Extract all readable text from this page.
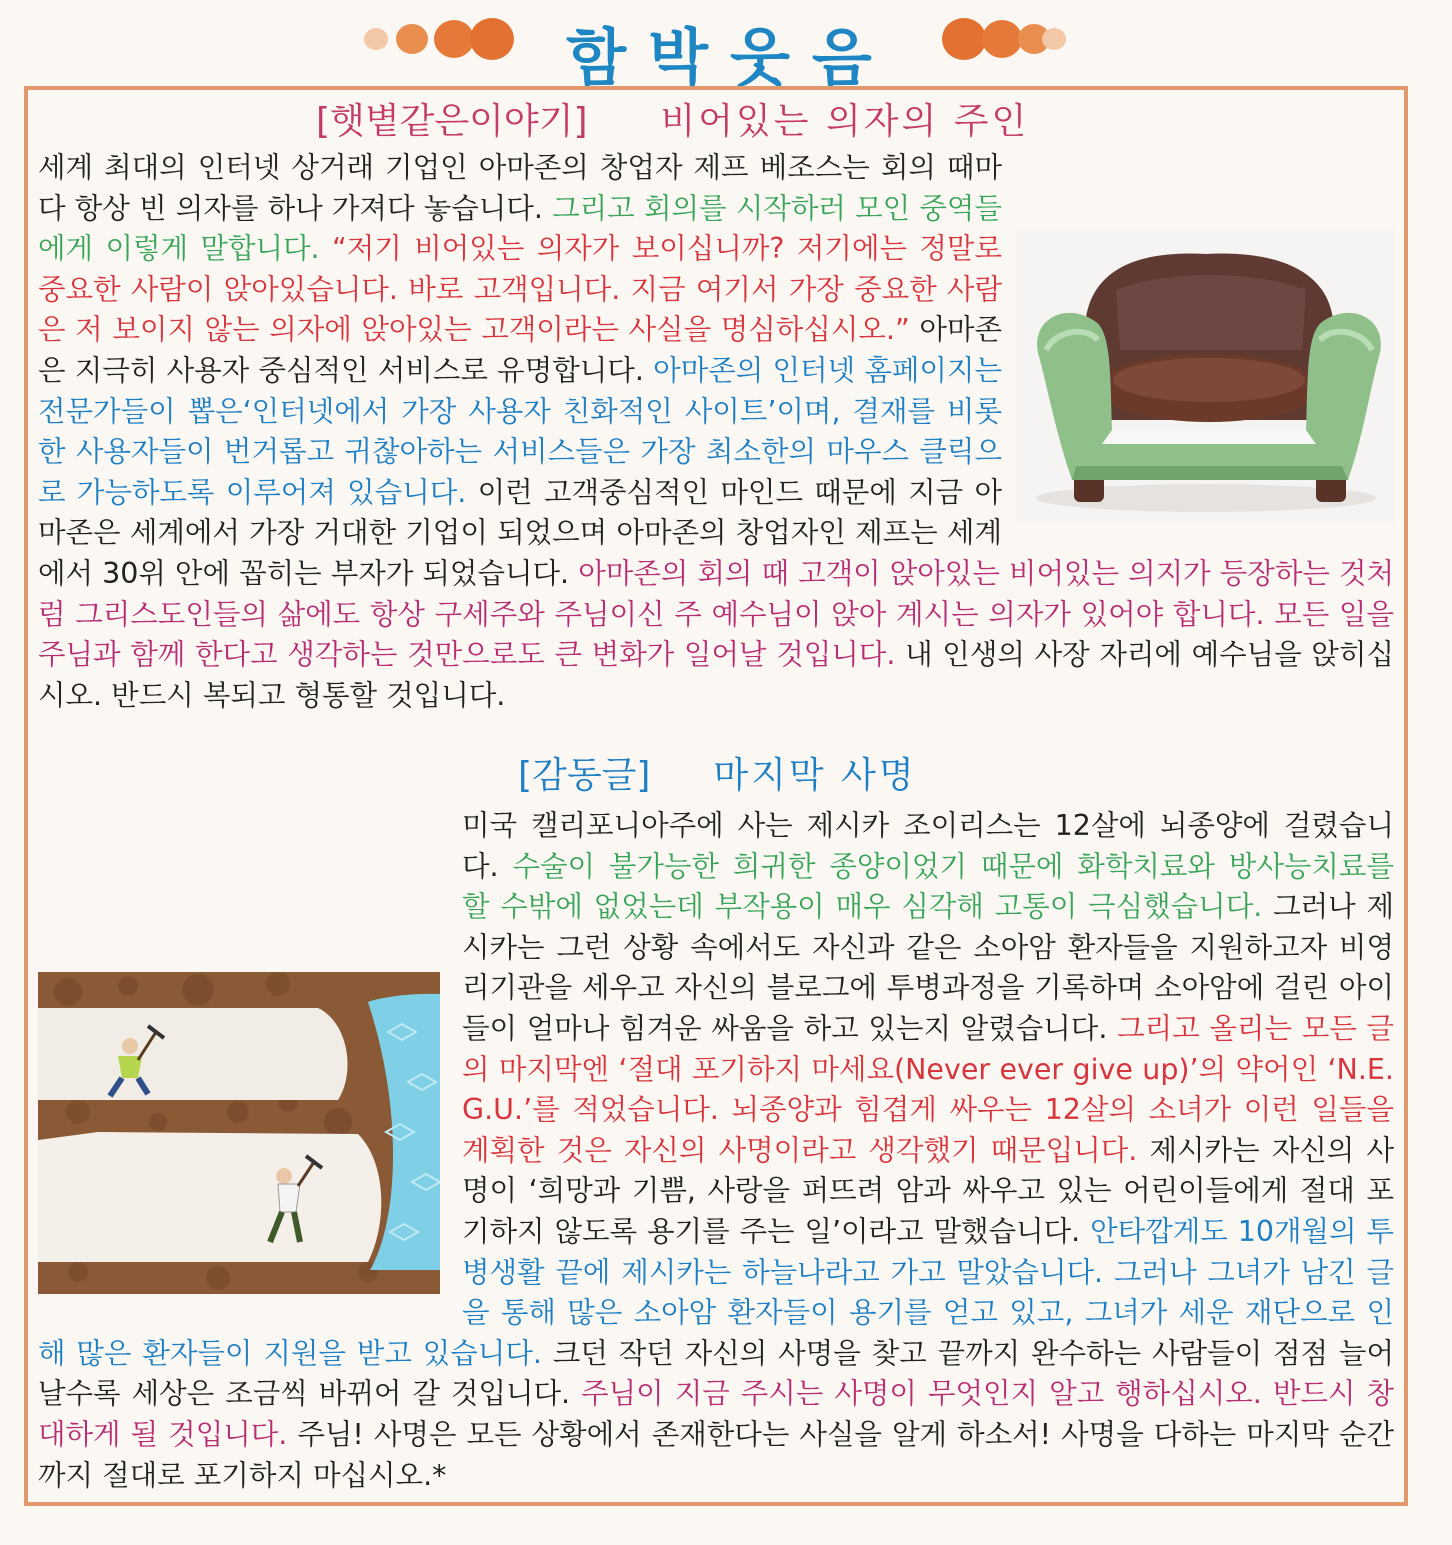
함박웃음
[햇볕같은이야기] 비어있는 의자의 주인
세계 최대의 인터넷 상거래 기업인 아마존의 창업자 제프 베조스는 회의 때마다 항상 빈 의자를 하나 가져다 놓습니다. 그리고 회의를 시작하러 모인 중역들에게 이렇게 말합니다. “저기 비어있는 의자가 보이십니까? 저기에는 정말로 중요한 사람이 앉아있습니다. 바로 고객입니다. 지금 여기서 가장 중요한 사람은 저 보이지 않는 의자에 앉아있는 고객이라는 사실을 명심하십시오.” 아마존은 지극히 사용자 중심적인 서비스로 유명합니다. 아마존의 인터넷 홈페이지는 전문가들이 뽑은‘인터넷에서 가장 사용자 친화적인 사이트’이며, 결재를 비롯한 사용자들이 번거롭고 귀찮아하는 서비스들은 가장 최소한의 마우스 클릭으로 가능하도록 이루어져 있습니다. 이런 고객중심적인 마인드 때문에 지금 아마존은 세계에서 가장 거대한 기업이 되었으며 아마존의 창업자인 제프는 세계에서 30위 안에 꼽히는 부자가 되었습니다. 아마존의 회의 때 고객이 앉아있는 비어있는 의지가 등장하는 것처럼 그리스도인들의 삶에도 항상 구세주와 주님이신 주 예수님이 앉아 계시는 의자가 있어야 합니다. 모든 일을 주님과 함께 한다고 생각하는 것만으로도 큰 변화가 일어날 것입니다. 내 인생의 사장 자리에 예수님을 앉히십시오. 반드시 복되고 형통할 것입니다.
[감동글] 마지막 사명
미국 캘리포니아주에 사는 제시카 조이리스는 12살에 뇌종양에 걸렸습니다. 수술이 불가능한 희귀한 종양이었기 때문에 화학치료와 방사능치료를 할 수밖에 없었는데 부작용이 매우 심각해 고통이 극심했습니다. 그러나 제시카는 그런 상황 속에서도 자신과 같은 소아암 환자들을 지원하고자 비영리기관을 세우고 자신의 블로그에 투병과정을 기록하며 소아암에 걸린 아이들이 얼마나 힘겨운 싸움을 하고 있는지 알렸습니다. 그리고 올리는 모든 글의 마지막엔 ‘절대 포기하지 마세요(Never ever give up)’의 약어인 ‘N.E.G.U.’를 적었습니다. 뇌종양과 힘겹게 싸우는 12살의 소녀가 이런 일들을 계획한 것은 자신의 사명이라고 생각했기 때문입니다. 제시카는 자신의 사명이 ‘희망과 기쁨, 사랑을 퍼뜨려 암과 싸우고 있는 어린이들에게 절대 포기하지 않도록 용기를 주는 일’이라고 말했습니다. 안타깝게도 10개월의 투병생활 끝에 제시카는 하늘나라고 가고 말았습니다. 그러나 그녀가 남긴 글을 통해 많은 소아암 환자들이 용기를 얻고 있고, 그녀가 세운 재단으로 인해 많은 환자들이 지원을 받고 있습니다. 크던 작던 자신의 사명을 찾고 끝까지 완수하는 사람들이 점점 늘어날수록 세상은 조금씩 바뀌어 갈 것입니다. 주님이 지금 주시는 사명이 무엇인지 알고 행하십시오. 반드시 창대하게 될 것입니다. 주님! 사명은 모든 상황에서 존재한다는 사실을 알게 하소서! 사명을 다하는 마지막 순간까지 절대로 포기하지 마십시오.*
